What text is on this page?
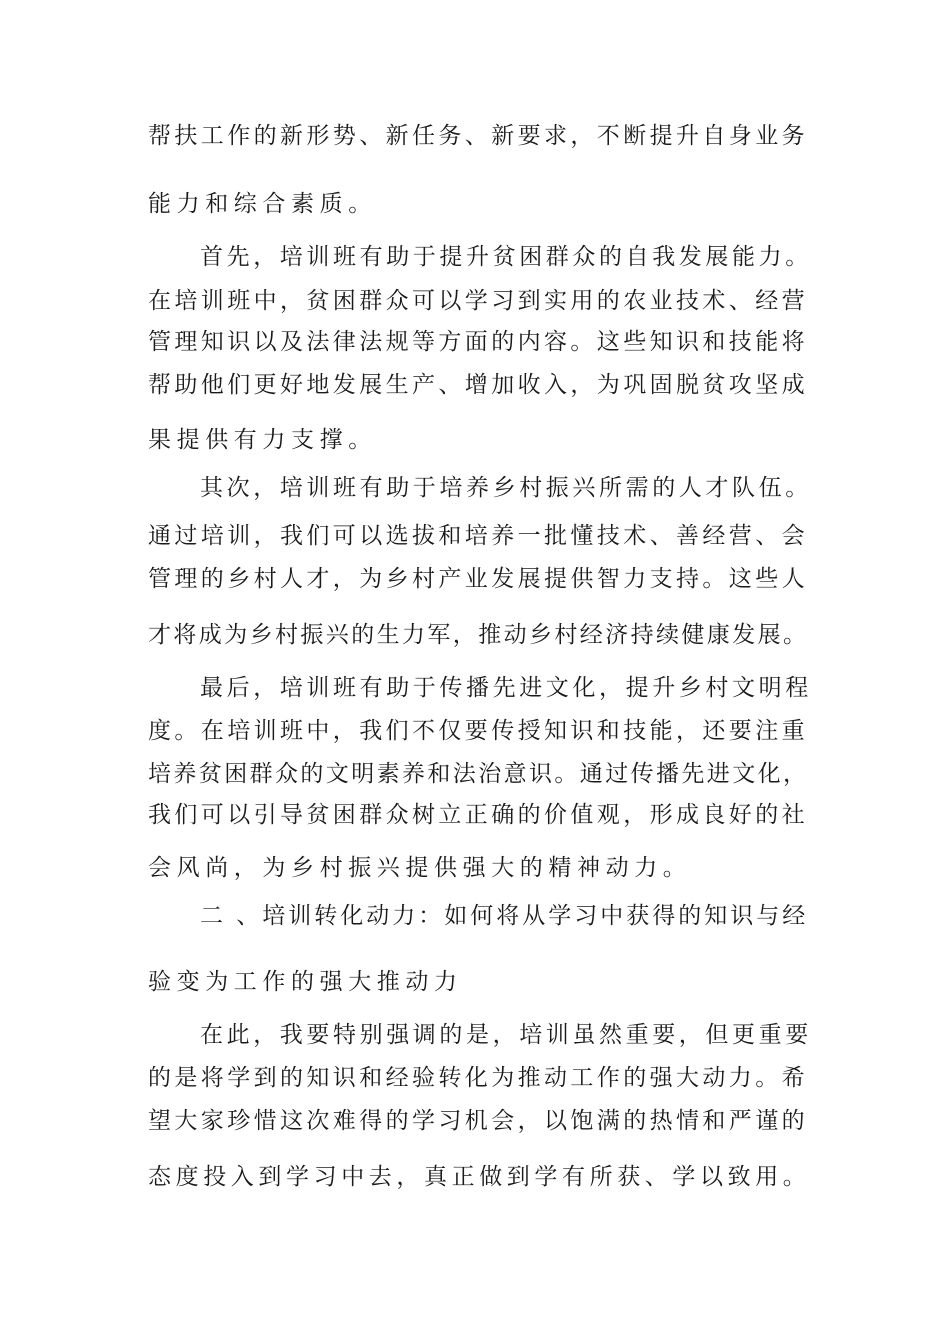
帮扶工作的新形势、新任务、新要求，不断提升自身业务
能力和综合素质。
首先，培训班有助于提升贫困群众的自我发展能力。
在培训班中，贫困群众可以学习到实用的农业技术、经营
管理知识以及法律法规等方面的内容。这些知识和技能将
帮助他们更好地发展生产、增加收入，为巩固脱贫攻坚成
果提供有力支撑。
其次，培训班有助于培养乡村振兴所需的人才队伍。
通过培训，我们可以选拔和培养一批懂技术、善经营、会
管理的乡村人才，为乡村产业发展提供智力支持。这些人
才将成为乡村振兴的生力军，推动乡村经济持续健康发展。
最后，培训班有助于传播先进文化，提升乡村文明程
度。在培训班中，我们不仅要传授知识和技能，还要注重
培养贫困群众的文明素养和法治意识。通过传播先进文化，
我们可以引导贫困群众树立正确的价值观，形成良好的社
会风尚，为乡村振兴提供强大的精神动力。
二 、培训转化动力：如何将从学习中获得的知识与经
验变为工作的强大推动力
在此，我要特别强调的是，培训虽然重要，但更重要
的是将学到的知识和经验转化为推动工作的强大动力。希
望大家珍惜这次难得的学习机会，以饱满的热情和严谨的
态度投入到学习中去，真正做到学有所获、学以致用。
